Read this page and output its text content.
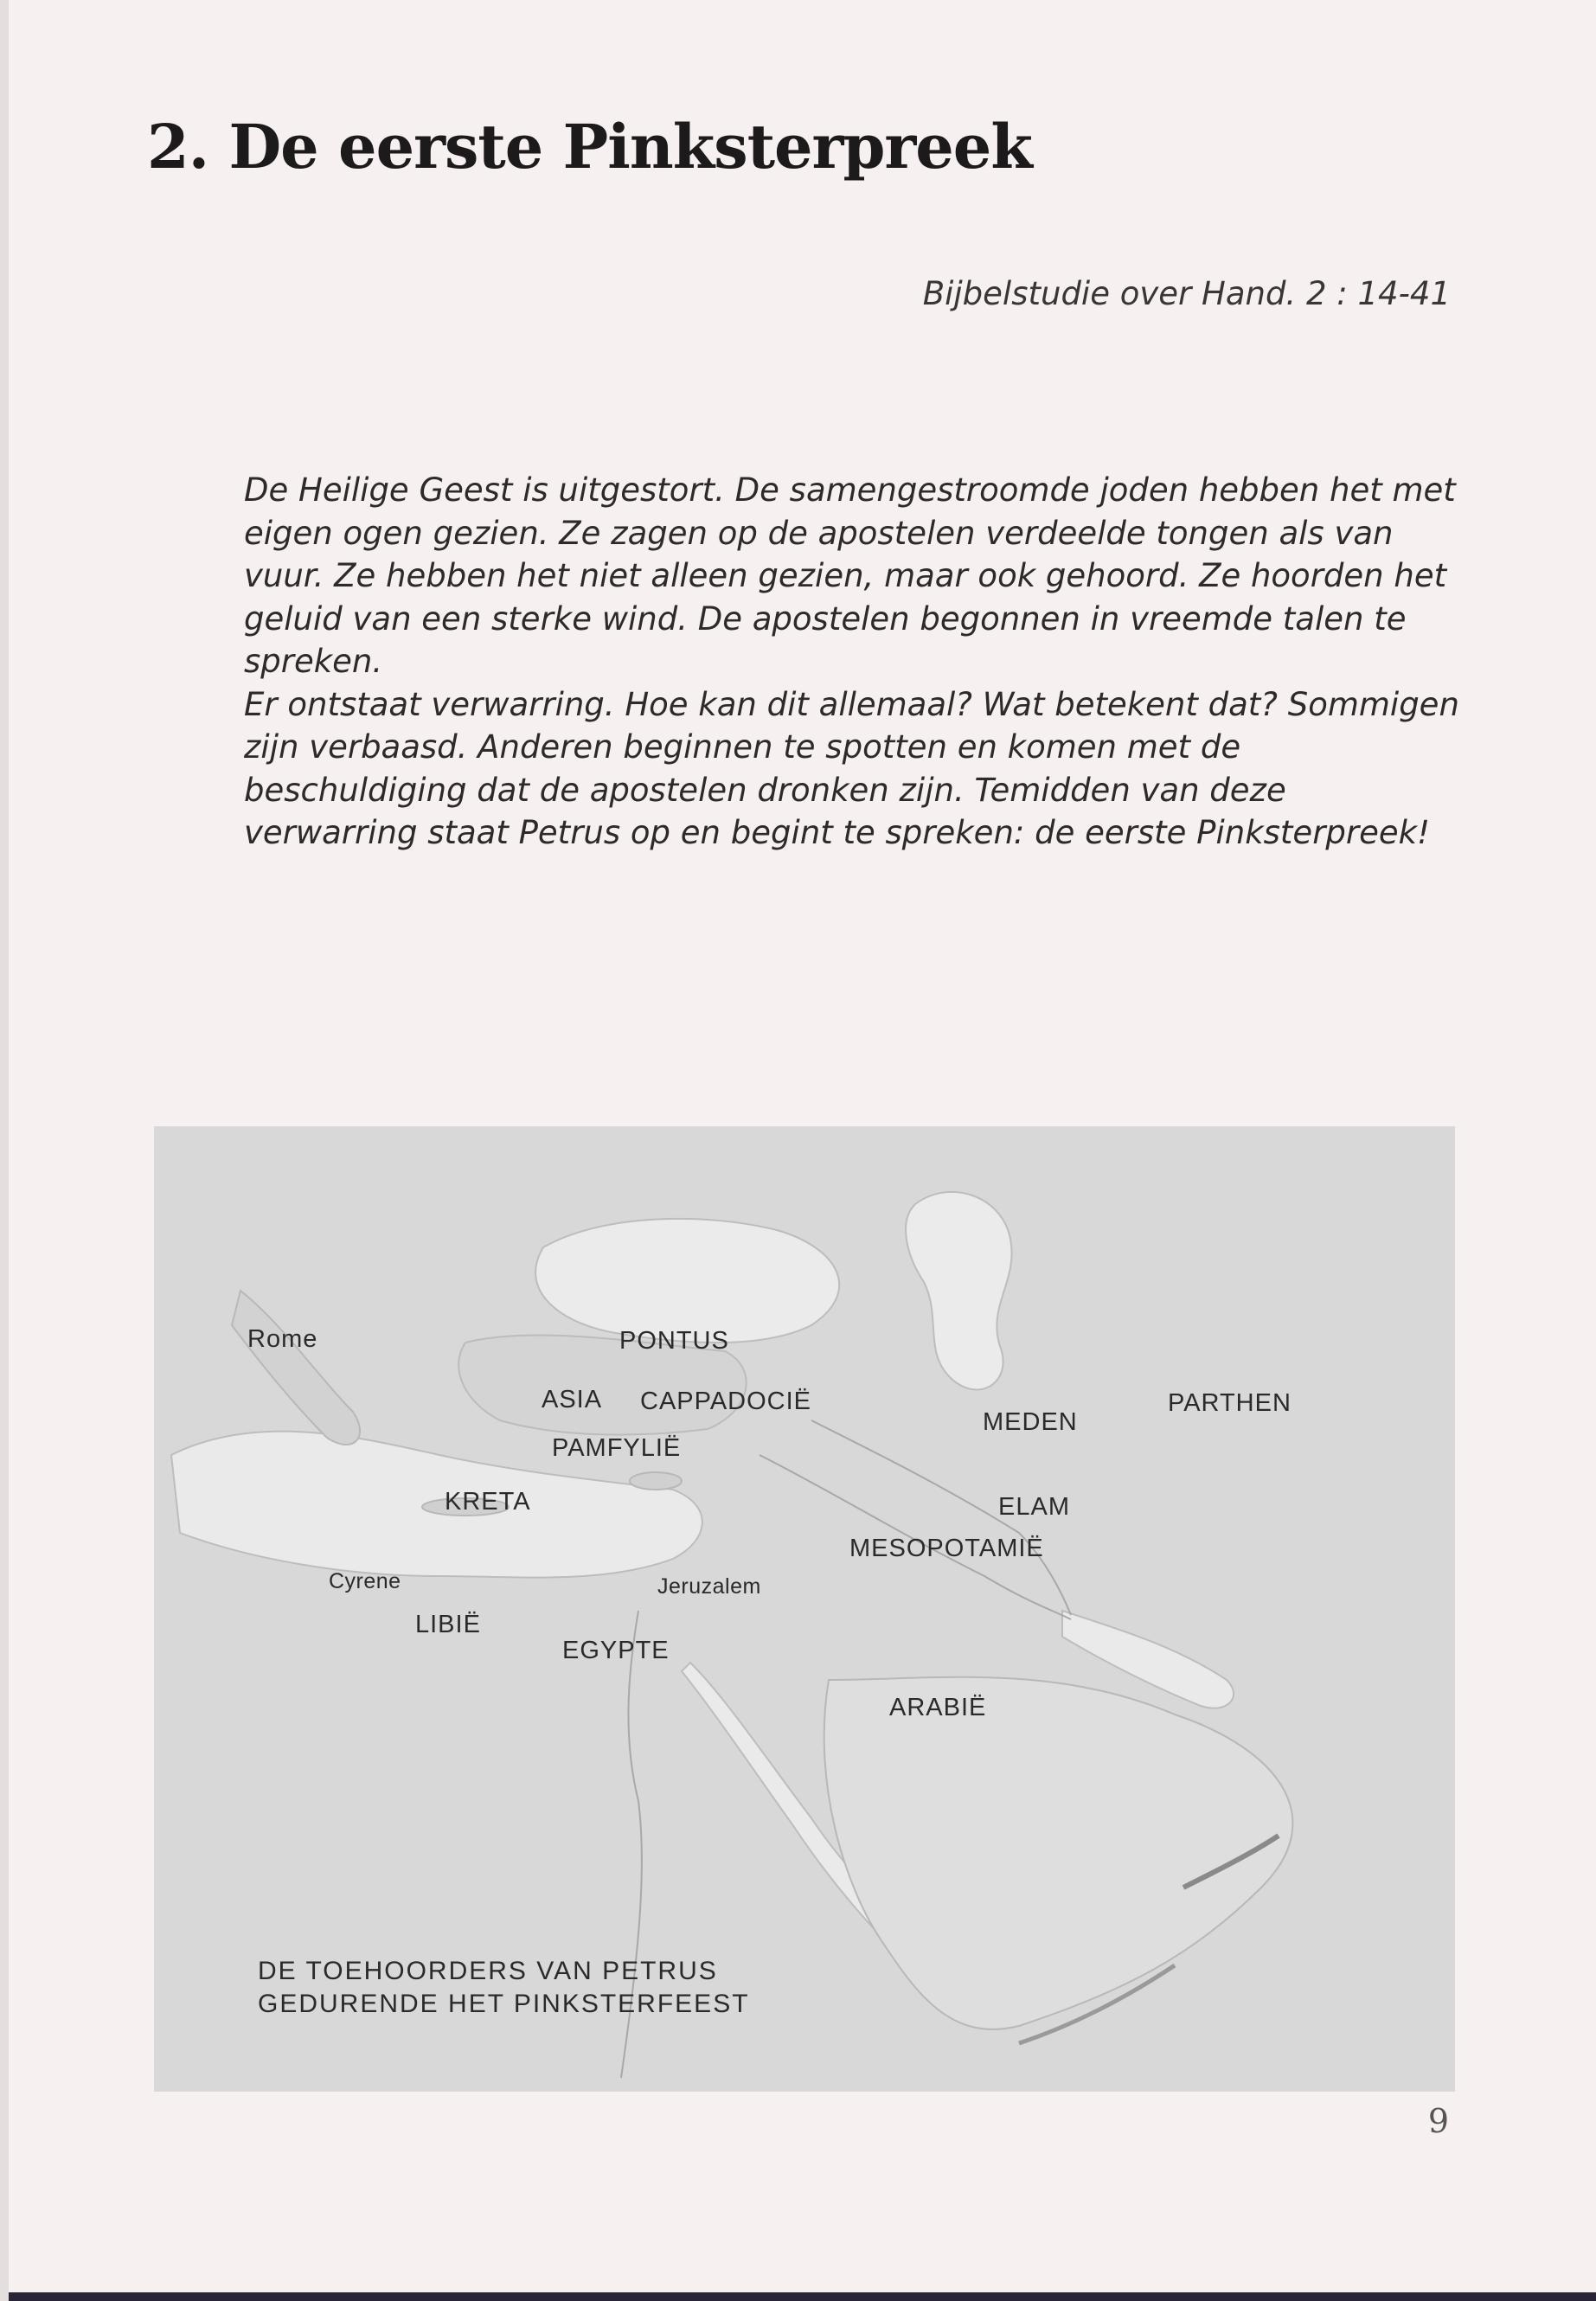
2. De eerste Pinksterpreek
Bijbelstudie over Hand. 2 : 14-41

De Heilige Geest is uitgestort. De samengestroomde joden hebben het met eigen ogen gezien. Ze zagen op de apostelen verdeelde tongen als van vuur. Ze hebben het niet alleen gezien, maar ook gehoord. Ze hoorden het geluid van een sterke wind. De apostelen begonnen in vreemde talen te spreken.

Er ontstaat verwarring. Hoe kan dit allemaal? Wat betekent dat? Sommigen zijn verbaasd. Anderen beginnen te spotten en komen met de beschuldiging dat de apostelen dronken zijn. Temidden van deze verwarring staat Petrus op en begint te spreken: de eerste Pinksterpreek!

Rome	PONTUS
ASIA CAPPADOCIË
PAMFYLIË
KRETA
Cyrene
LIBIË
EGYPTE
Jeruzalem
MEDEN
PARTHEN
ELAM
MESOPOTAMIË
ARABIË
DE TOEHOORDERS VAN PETRUS
GEDURENDE HET PINKSTERFEEST
9
